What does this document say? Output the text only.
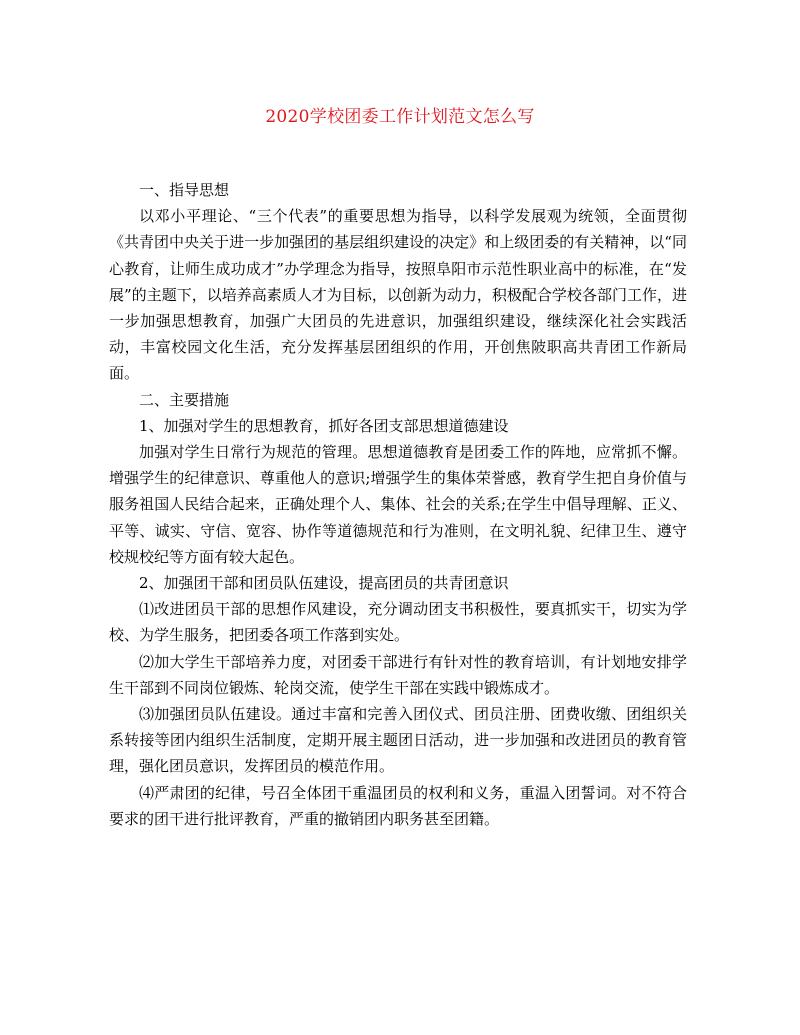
2020学校团委工作计划范文怎么写

一、指导思想

以邓小平理论、“三个代表”的重要思想为指导，以科学发展观为统领，全面贯彻《共青团中央关于进一步加强团的基层组织建设的决定》和上级团委的有关精神，以“同心教育，让师生成功成才”办学理念为指导，按照阜阳市示范性职业高中的标准，在“发展”的主题下，以培养高素质人才为目标，以创新为动力，积极配合学校各部门工作，进一步加强思想教育，加强广大团员的先进意识，加强组织建设，继续深化社会实践活动，丰富校园文化生活，充分发挥基层团组织的作用，开创焦陂职高共青团工作新局面。

二、主要措施

1、加强对学生的思想教育，抓好各团支部思想道德建设

加强对学生日常行为规范的管理。思想道德教育是团委工作的阵地，应常抓不懈。增强学生的纪律意识、尊重他人的意识;增强学生的集体荣誉感，教育学生把自身价值与服务祖国人民结合起来，正确处理个人、集体、社会的关系;在学生中倡导理解、正义、平等、诚实、守信、宽容、协作等道德规范和行为准则，在文明礼貌、纪律卫生、遵守校规校纪等方面有较大起色。

2、加强团干部和团员队伍建设，提高团员的共青团意识

⑴改进团员干部的思想作风建设，充分调动团支书积极性，要真抓实干，切实为学校、为学生服务，把团委各项工作落到实处。

⑵加大学生干部培养力度，对团委干部进行有针对性的教育培训，有计划地安排学生干部到不同岗位锻炼、轮岗交流，使学生干部在实践中锻炼成才。

⑶加强团员队伍建设。通过丰富和完善入团仪式、团员注册、团费收缴、团组织关系转接等团内组织生活制度，定期开展主题团日活动，进一步加强和改进团员的教育管理，强化团员意识，发挥团员的模范作用。

⑷严肃团的纪律，号召全体团干重温团员的权利和义务，重温入团誓词。对不符合要求的团干进行批评教育，严重的撤销团内职务甚至团籍。
